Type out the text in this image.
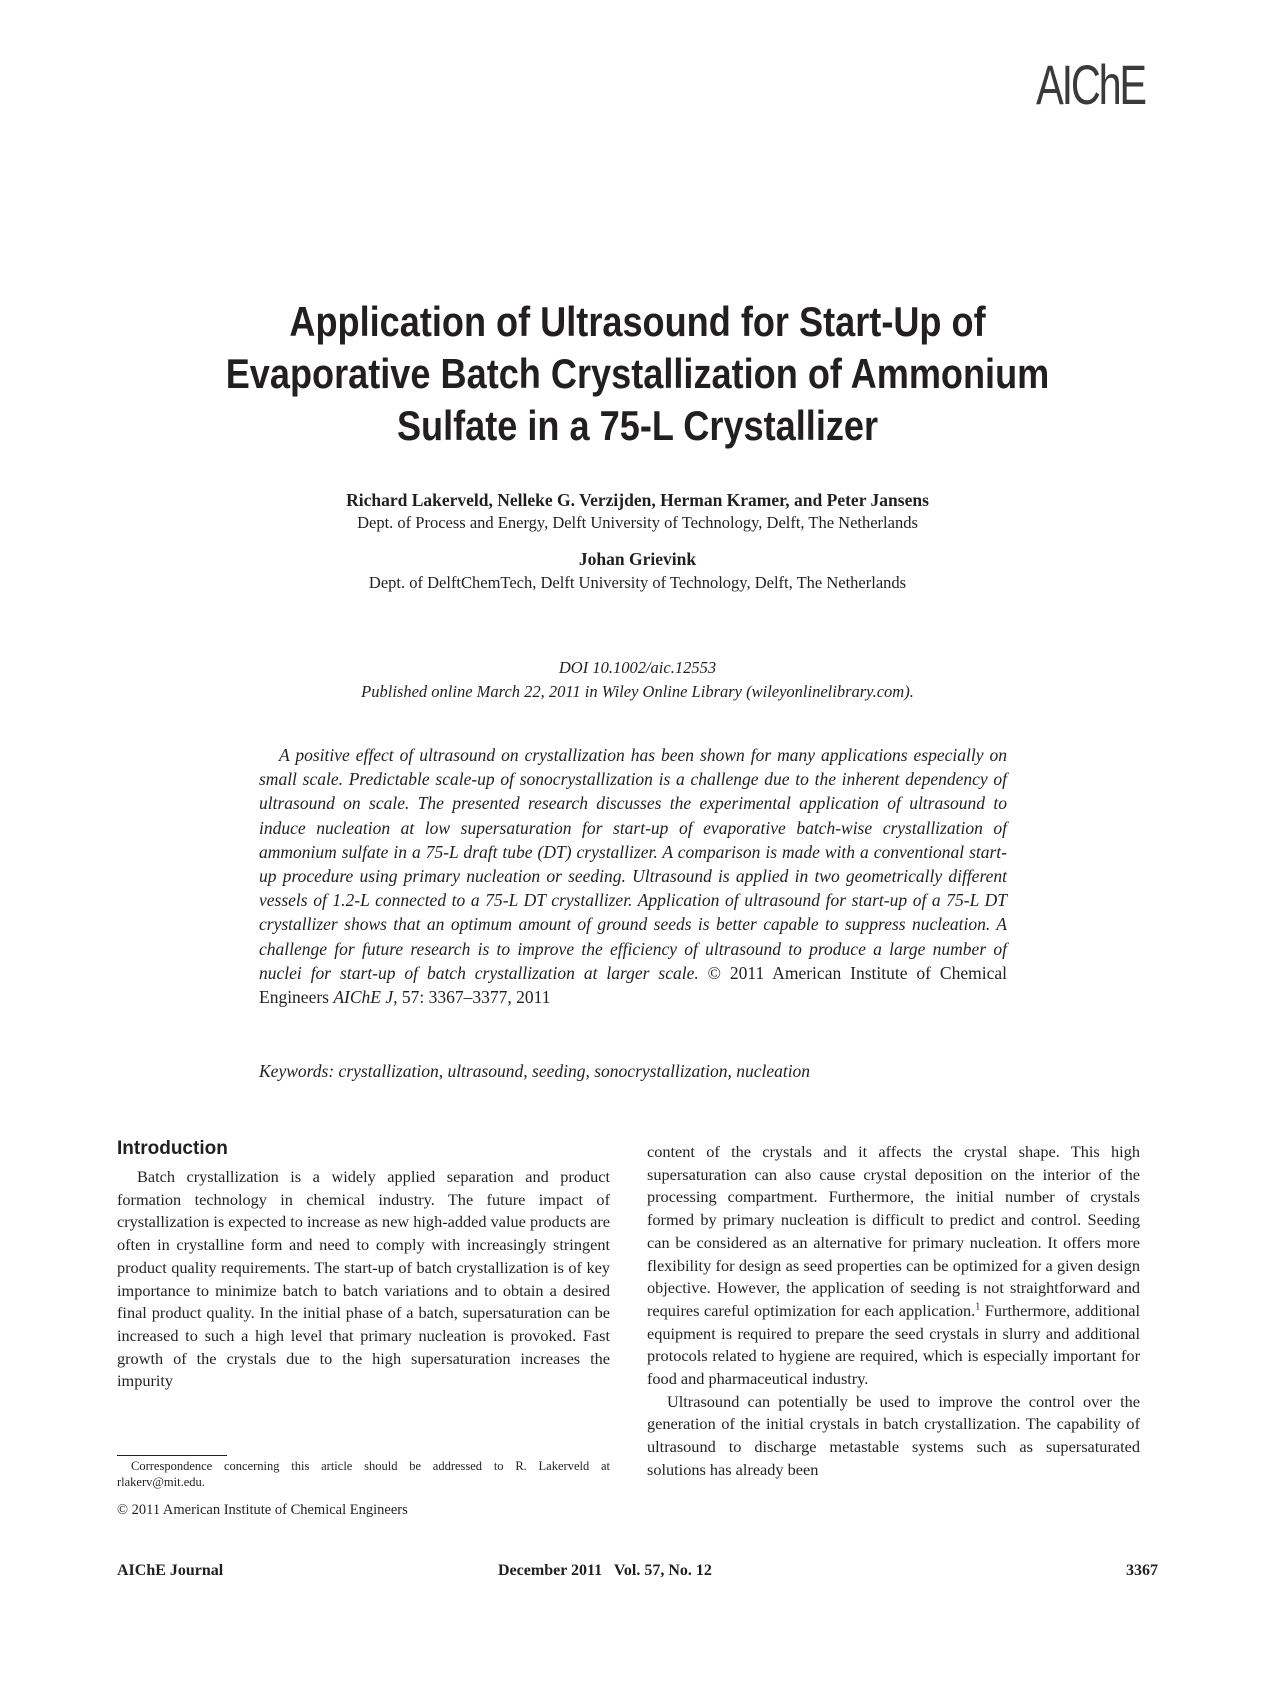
AIChE
Application of Ultrasound for Start-Up of
Evaporative Batch Crystallization of Ammonium
Sulfate in a 75-L Crystallizer
Richard Lakerveld, Nelleke G. Verzijden, Herman Kramer, and Peter Jansens
Dept. of Process and Energy, Delft University of Technology, Delft, The Netherlands
Johan Grievink
Dept. of DelftChemTech, Delft University of Technology, Delft, The Netherlands
DOI 10.1002/aic.12553
Published online March 22, 2011 in Wiley Online Library (wileyonlinelibrary.com).

A positive effect of ultrasound on crystallization has been shown for many applications especially on small scale. Predictable scale-up of sonocrystallization is a challenge due to the inherent dependency of ultrasound on scale. The presented research discusses the experimental application of ultrasound to induce nucleation at low supersaturation for start-up of evaporative batch-wise crystallization of ammonium sulfate in a 75-L draft tube (DT) crystallizer. A comparison is made with a conventional start-up procedure using primary nucleation or seeding. Ultrasound is applied in two geometrically different vessels of 1.2-L connected to a 75-L DT crystallizer. Application of ultrasound for start-up of a 75-L DT crystallizer shows that an optimum amount of ground seeds is better capable to suppress nucleation. A challenge for future research is to improve the efficiency of ultrasound to produce a large number of nuclei for start-up of batch crystallization at larger scale. © 2011 American Institute of Chemical Engineers AIChE J, 57: 3367–3377, 2011

Keywords: crystallization, ultrasound, seeding, sonocrystallization, nucleation
Introduction

Batch crystallization is a widely applied separation and product formation technology in chemical industry. The future impact of crystallization is expected to increase as new high-added value products are often in crystalline form and need to comply with increasingly stringent product quality requirements. The start-up of batch crystallization is of key importance to minimize batch to batch variations and to obtain a desired final product quality. In the initial phase of a batch, supersaturation can be increased to such a high level that primary nucleation is provoked. Fast growth of the crystals due to the high supersaturation increases the impurity

content of the crystals and it affects the crystal shape. This high supersaturation can also cause crystal deposition on the interior of the processing compartment. Furthermore, the initial number of crystals formed by primary nucleation is difficult to predict and control. Seeding can be considered as an alternative for primary nucleation. It offers more flexibility for design as seed properties can be optimized for a given design objective. However, the application of seeding is not straightforward and requires careful optimization for each application.$^1$ Furthermore, additional equipment is required to prepare the seed crystals in slurry and additional protocols related to hygiene are required, which is especially important for food and pharmaceutical industry.

Ultrasound can potentially be used to improve the control over the generation of the initial crystals in batch crystallization. The capability of ultrasound to discharge metastable systems such as supersaturated solutions has already been

Correspondence concerning this article should be addressed to R. Lakerveld at rlakerv@mit.edu.

© 2011 American Institute of Chemical Engineers
AIChE Journal	December 2011   Vol. 57, No. 12	3367
